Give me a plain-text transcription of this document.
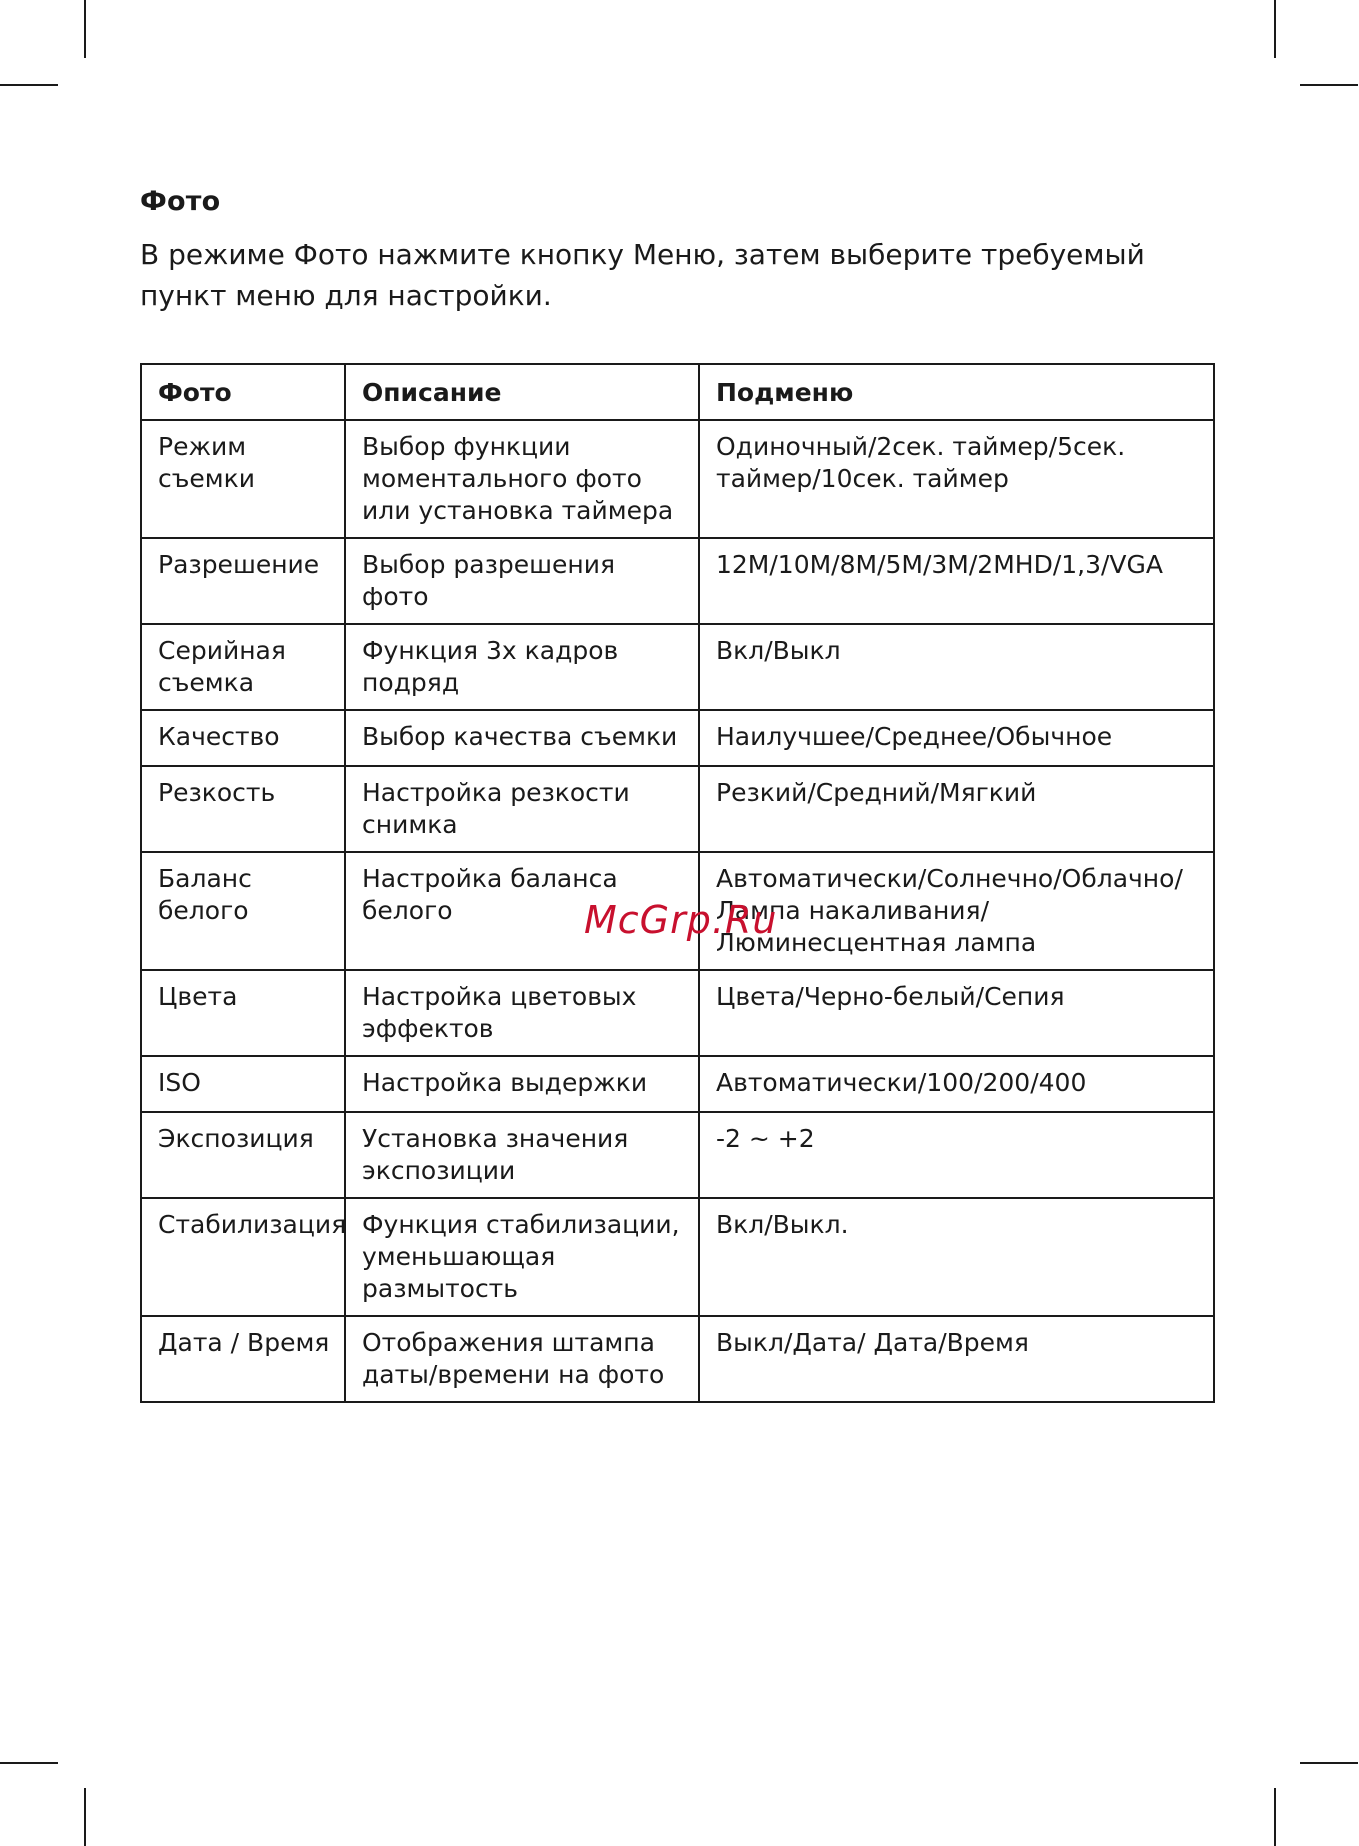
Фото
В режиме Фото нажмите кнопку Меню, затем выберите требуемый пункт меню для настройки.
Фото	Описание	Подменю
Режим съемки	Выбор функции моментального фото или установка таймера	Одиночный/2сек. таймер/5сек. таймер/10сек. таймер
Разрешение	Выбор разрешения фото	12M/10M/8M/5M/3M/2MHD/1,3/VGA
Серийная съемка	Функция 3х кадров подряд	Вкл/Выкл
Качество	Выбор качества съемки	Наилучшее/Среднее/Обычное
Резкость	Настройка резкости снимка	Резкий/Средний/Мягкий
Баланс белого	Настройка баланса белого	Автоматически/Солнечно/Облачно/ Лампа накаливания/Люминесцентная лампа
Цвета	Настройка цветовых эффектов	Цвета/Черно-белый/Сепия
ISO	Настройка выдержки	Автоматически/100/200/400
Экспозиция	Установка значения экспозиции	-2 ~ +2
Стабилизация	Функция стабилизации, уменьшающая размытость	Вкл/Выкл.
Дата / Время	Отображения штампа даты/времени на фото	Выкл/Дата/ Дата/Время
McGrp.Ru
